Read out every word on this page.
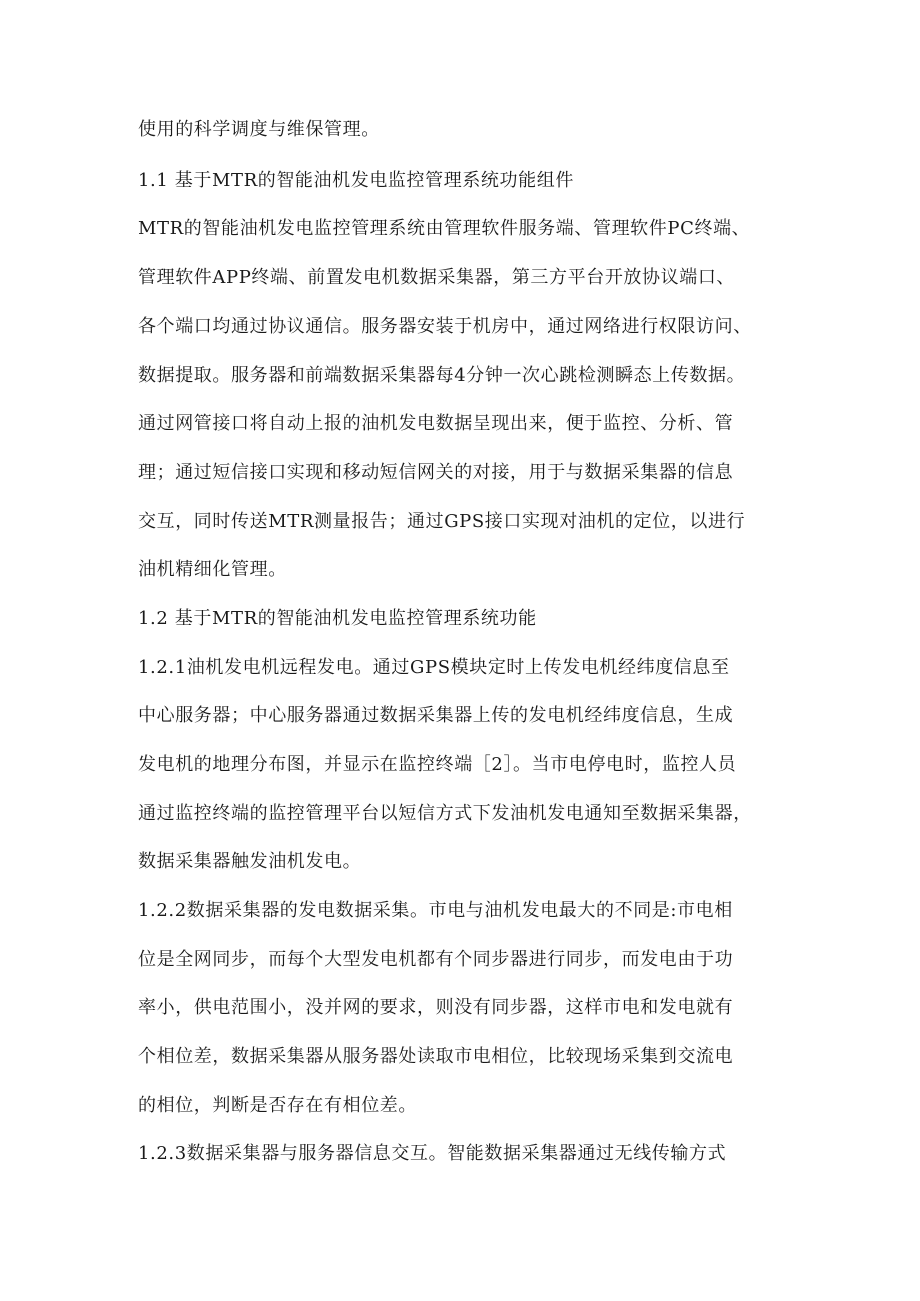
使用的科学调度与维保管理。
1.1 基于MTR的智能油机发电监控管理系统功能组件
MTR的智能油机发电监控管理系统由管理软件服务端、管理软件PC终端、
管理软件APP终端、前置发电机数据采集器，第三方平台开放协议端口、
各个端口均通过协议通信。服务器安装于机房中，通过网络进行权限访问、
数据提取。服务器和前端数据采集器每4分钟一次心跳检测瞬态上传数据。
通过网管接口将自动上报的油机发电数据呈现出来，便于监控、分析、管
理；通过短信接口实现和移动短信网关的对接，用于与数据采集器的信息
交互，同时传送MTR测量报告；通过GPS接口实现对油机的定位，以进行
油机精细化管理。
1.2 基于MTR的智能油机发电监控管理系统功能
1.2.1油机发电机远程发电。通过GPS模块定时上传发电机经纬度信息至
中心服务器；中心服务器通过数据采集器上传的发电机经纬度信息，生成
发电机的地理分布图，并显示在监控终端［2］。当市电停电时，监控人员
通过监控终端的监控管理平台以短信方式下发油机发电通知至数据采集器，
数据采集器触发油机发电。
1.2.2数据采集器的发电数据采集。市电与油机发电最大的不同是:市电相
位是全网同步，而每个大型发电机都有个同步器进行同步，而发电由于功
率小，供电范围小，没并网的要求，则没有同步器，这样市电和发电就有
个相位差，数据采集器从服务器处读取市电相位，比较现场采集到交流电
的相位，判断是否存在有相位差。
1.2.3数据采集器与服务器信息交互。智能数据采集器通过无线传输方式
